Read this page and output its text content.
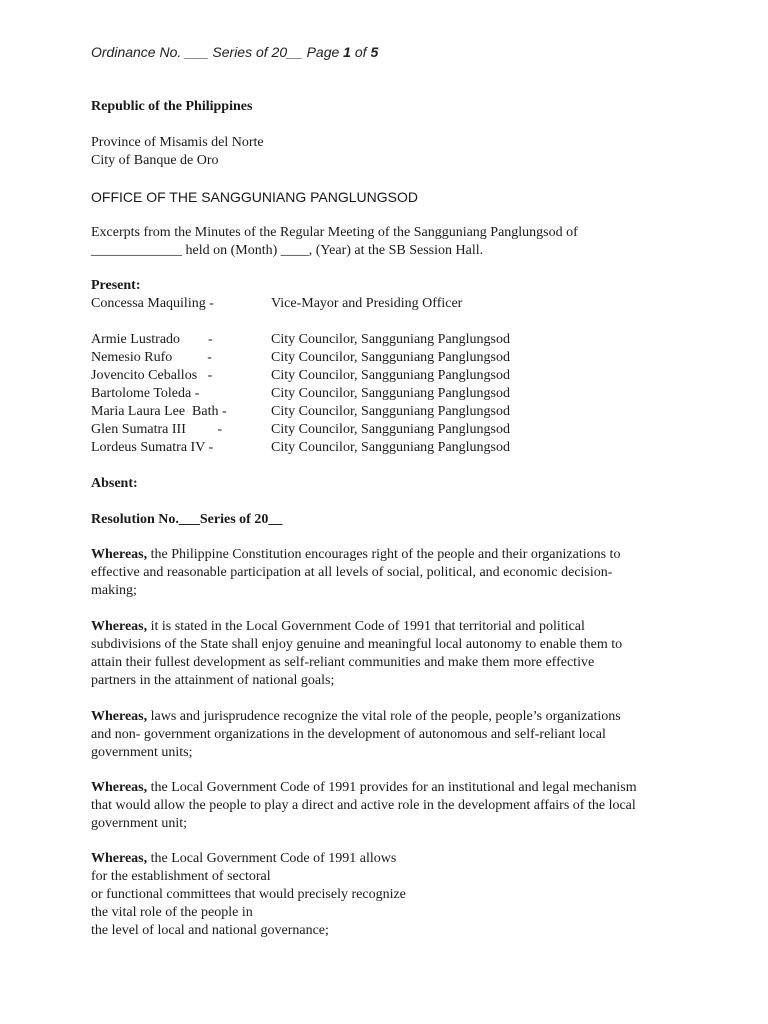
Ordinance No. ___ Series of 20__ Page 1 of 5
Republic of the Philippines
Province of Misamis del Norte
City of Banque de Oro
OFFICE OF THE SANGGUNIANG PANGLUNGSOD
Excerpts from the Minutes of the Regular Meeting of the Sangguniang Panglungsod of
_____________ held on (Month) ____, (Year) at the SB Session Hall.
Present:
Concessa Maquiling -	Vice-Mayor and Presiding Officer
Armie Lustrado        -	City Councilor, Sangguniang Panglungsod
Nemesio Rufo          -	City Councilor, Sangguniang Panglungsod
Jovencito Ceballos   -	City Councilor, Sangguniang Panglungsod
Bartolome Toleda -	City Councilor, Sangguniang Panglungsod
Maria Laura Lee  Bath -	City Councilor, Sangguniang Panglungsod
Glen Sumatra III         -	City Councilor, Sangguniang Panglungsod
Lordeus Sumatra IV -	City Councilor, Sangguniang Panglungsod
Absent:
Resolution No.___Series of 20__
Whereas, the Philippine Constitution encourages right of the people and their organizations to
effective and reasonable participation at all levels of social, political, and economic decision-
making;
Whereas, it is stated in the Local Government Code of 1991 that territorial and political
subdivisions of the State shall enjoy genuine and meaningful local autonomy to enable them to
attain their fullest development as self-reliant communities and make them more effective
partners in the attainment of national goals;
Whereas, laws and jurisprudence recognize the vital role of the people, people’s organizations
and non- government organizations in the development of autonomous and self-reliant local
government units;
Whereas, the Local Government Code of 1991 provides for an institutional and legal mechanism
that would allow the people to play a direct and active role in the development affairs of the local
government unit;
Whereas, the Local Government Code of 1991 allows
for the establishment of sectoral
or functional committees that would precisely recognize
the vital role of the people in
the level of local and national governance;
